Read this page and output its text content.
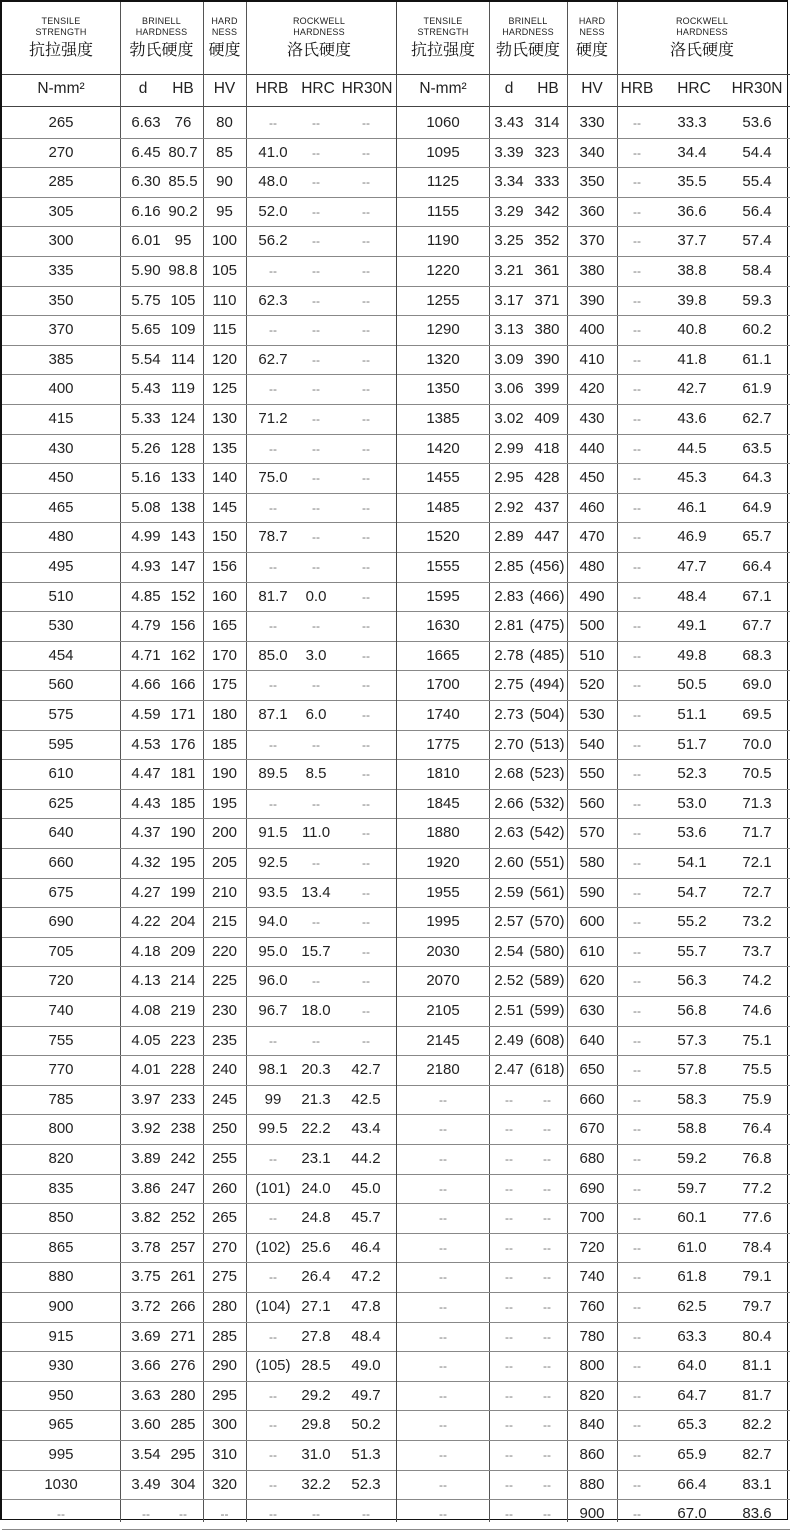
TENSILE STRENGTH
抗拉强度
BRINELL HARDNESS
勃氏硬度
HARD NESS
硬度
ROCKWELL HARDNESS
洛氏硬度
N-mm²	d	HB	HV	HRB HRC HR30N
265	6.63 76	80	--	--	--
270	6.45 80.7	85	41.0	--	--
285	6.30 85.5	90	48.0	--	--
305	6.16 90.2	95	52.0	--	--
300	6.01 95	100	56.2	--	--
335	5.90 98.8 105	--	--	--
350	5.75 105	110	62.3	--	--
370	5.65 109	115	--	--	--
385	5.54 114	120	62.7	--	--
400	5.43 119	125	--	--	--
415	5.33 124	130	71.2	--	--
430	5.26 128	135	--	--	--
450	5.16 133	140	75.0	--	--
465	5.08 138	145	--	--	--
480	4.99 143	150	78.7	--	--
495	4.93 147	156	--	--	--
510	4.85 152	160	81.7	0.0	--
530	4.79 156	165	--	--	--
454	4.71 162	170	85.0	3.0	--
560	4.66 166	175	--	--	--
575	4.59 171	180	87.1	6.0	--
595	4.53 176	185	--	--	--
610	4.47 181	190	89.5	8.5	--
625	4.43 185	195	--	--	--
640	4.37 190	200	91.5 11.0	--
660	4.32 195	205	92.5	--	--
675	4.27 199	210	93.5 13.4	--
690	4.22 204	215	94.0	--	--
705	4.18 209	220	95.0 15.7	--
720	4.13 214	225	96.0	--	--
740	4.08 219	230	96.7 18.0	--
755	4.05 223	235	--	--	--
770	4.01 228	240	98.1 20.3	42.7
785	3.97 233	245	99	21.3	42.5
800	3.92 238	250	99.5 22.2	43.4
820	3.89 242	255	--	23.1	44.2
835	3.86 247	260	(101) 24.0	45.0
850	3.82 252	265	--	24.8	45.7
865	3.78 257	270	(102) 25.6	46.4
880	3.75 261	275	--	26.4	47.2
900	3.72 266	280	(104) 27.1	47.8
915	3.69 271	285	--	27.8	48.4
930	3.66 276	290	(105) 28.5	49.0
950	3.63 280	295	--	29.2	49.7
965	3.60 285	300	--	29.8	50.2
995	3.54 295	310	--	31.0	51.3
1030	3.49 304	320	--	32.2	52.3
--	--	--	--	--	--	--
TENSILE STRENGTH
抗拉强度
BRINELL HARDNESS
勃氏硬度
HARD NESS
硬度
ROCKWELL HARDNESS
洛氏硬度
N-mm²	d	HB	HV	HRB	HRC	HR30N
1060	3.43 314	330	--	33.3	53.6
1095	3.39 323	340	--	34.4	54.4
1125	3.34 333	350	--	35.5	55.4
1155	3.29 342	360	--	36.6	56.4
1190	3.25 352	370	--	37.7	57.4
1220	3.21 361	380	--	38.8	58.4
1255	3.17 371	390	--	39.8	59.3
1290	3.13 380	400	--	40.8	60.2
1320	3.09 390	410	--	41.8	61.1
1350	3.06 399	420	--	42.7	61.9
1385	3.02 409	430	--	43.6	62.7
1420	2.99 418	440	--	44.5	63.5
1455	2.95 428	450	--	45.3	64.3
1485	2.92 437	460	--	46.1	64.9
1520	2.89 447	470	--	46.9	65.7
1555	2.85 (456) 480	--	47.7	66.4
1595	2.83 (466) 490	--	48.4	67.1
1630	2.81 (475) 500	--	49.1	67.7
1665	2.78 (485) 510	--	49.8	68.3
1700	2.75 (494) 520	--	50.5	69.0
1740	2.73 (504) 530	--	51.1	69.5
1775	2.70 (513) 540	--	51.7	70.0
1810	2.68 (523) 550	--	52.3	70.5
1845	2.66 (532) 560	--	53.0	71.3
1880	2.63 (542) 570	--	53.6	71.7
1920	2.60 (551) 580	--	54.1	72.1
1955	2.59 (561) 590	--	54.7	72.7
1995	2.57 (570) 600	--	55.2	73.2
2030	2.54 (580) 610	--	55.7	73.7
2070	2.52 (589) 620	--	56.3	74.2
2105	2.51 (599) 630	--	56.8	74.6
2145	2.49 (608) 640	--	57.3	75.1
2180	2.47 (618) 650	--	57.8	75.5
--	--	--	660	--	58.3	75.9
--	--	--	670	--	58.8	76.4
--	--	--	680	--	59.2	76.8
--	--	--	690	--	59.7	77.2
--	--	--	700	--	60.1	77.6
--	--	--	720	--	61.0	78.4
--	--	--	740	--	61.8	79.1
--	--	--	760	--	62.5	79.7
--	--	--	780	--	63.3	80.4
--	--	--	800	--	64.0	81.1
--	--	--	820	--	64.7	81.7
--	--	--	840	--	65.3	82.2
--	--	--	860	--	65.9	82.7
--	--	--	880	--	66.4	83.1
--	--	--	900	--	67.0	83.6
